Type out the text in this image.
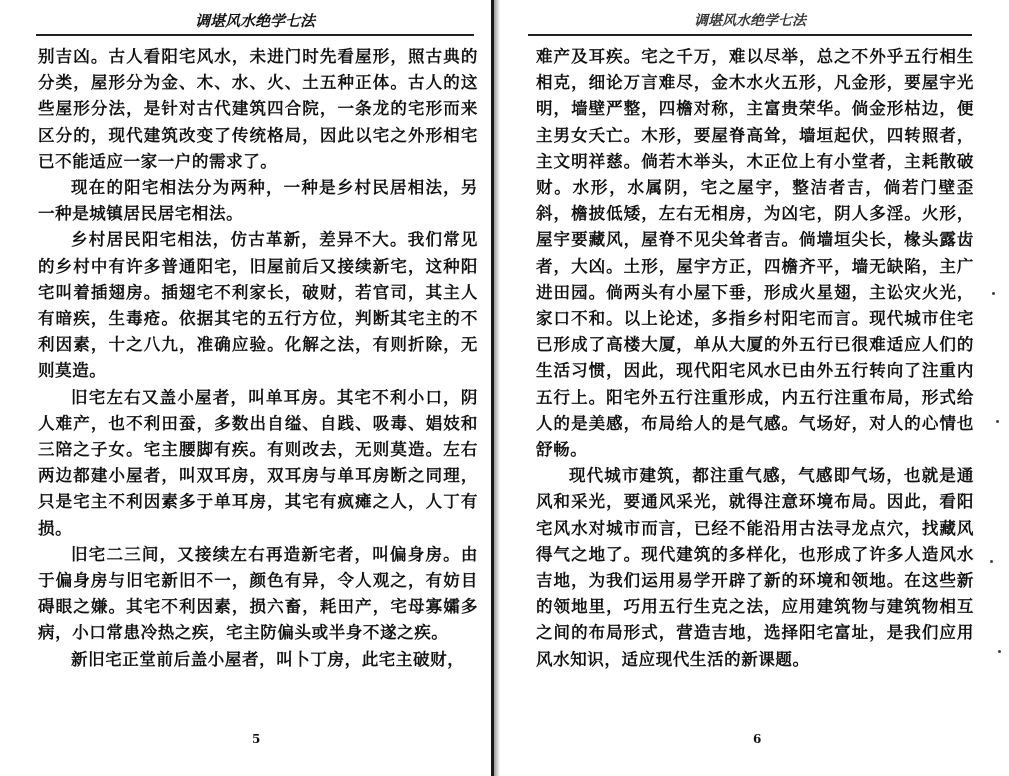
调堪风水绝学七法

别吉凶。古人看阳宅风水，未进门时先看屋形，照古典的分类，屋形分为金、木、水、火、土五种正体。古人的这些屋形分法，是针对古代建筑四合院，一条龙的宅形而来区分的，现代建筑改变了传统格局，因此以宅之外形相宅已不能适应一家一户的需求了。

现在的阳宅相法分为两种，一种是乡村民居相法，另一种是城镇居民居宅相法。

乡村居民阳宅相法，仿古革新，差异不大。我们常见的乡村中有许多普通阳宅，旧屋前后又接续新宅，这种阳宅叫着插翅房。插翅宅不利家长，破财，若官司，其主人有暗疾，生毒疮。依据其宅的五行方位，判断其宅主的不利因素，十之八九，准确应验。化解之法，有则折除，无则莫造。

旧宅左右又盖小屋者，叫单耳房。其宅不利小口，阴人难产，也不利田蚕，多数出自缢、自践、吸毒、娼妓和三陪之子女。宅主腰脚有疾。有则改去，无则莫造。左右两边都建小屋者，叫双耳房，双耳房与单耳房断之同理，只是宅主不利因素多于单耳房，其宅有疯瘫之人，人丁有损。

旧宅二三间，又接续左右再造新宅者，叫偏身房。由于偏身房与旧宅新旧不一，颜色有异，令人观之，有妨目碍眼之嫌。其宅不利因素，损六畜，耗田产，宅母寡孀多病，小口常患冷热之疾，宅主防偏头或半身不遂之疾。

新旧宅正堂前后盖小屋者，叫卜丁房，此宅主破财，

5
调堪风水绝学七法

难产及耳疾。宅之千万，难以尽举，总之不外乎五行相生相克，细论万言难尽，金木水火五形，凡金形，要屋宇光明，墙壁严整，四檐对称，主富贵荣华。倘金形枯边，便主男女夭亡。木形，要屋脊高耸，墙垣起伏，四转照者，主文明祥慈。倘若木举头，木正位上有小堂者，主耗散破财。水形，水属阴，宅之屋宇，整洁者吉，倘若门壁歪斜，檐披低矮，左右无相房，为凶宅，阴人多淫。火形，屋宇要藏风，屋脊不见尖耸者吉。倘墙垣尖长，椽头露齿者，大凶。土形，屋宇方正，四檐齐平，墙无缺陷，主广进田园。倘两头有小屋下垂，形成火星翅，主讼灾火光，家口不和。以上论述，多指乡村阳宅而言。现代城市住宅已形成了高楼大厦，单从大厦的外五行已很难适应人们的生活习惯，因此，现代阳宅风水已由外五行转向了注重内五行上。阳宅外五行注重形成，内五行注重布局，形式给人的是美感，布局给人的是气感。气场好，对人的心情也舒畅。

现代城市建筑，都注重气感，气感即气场，也就是通风和采光，要通风采光，就得注意环境布局。因此，看阳宅风水对城市而言，已经不能沿用古法寻龙点穴，找藏风得气之地了。现代建筑的多样化，也形成了许多人造风水吉地，为我们运用易学开辟了新的环境和领地。在这些新的领地里，巧用五行生克之法，应用建筑物与建筑物相互之间的布局形式，营造吉地，选择阳宅富址，是我们应用风水知识，适应现代生活的新课题。

6
